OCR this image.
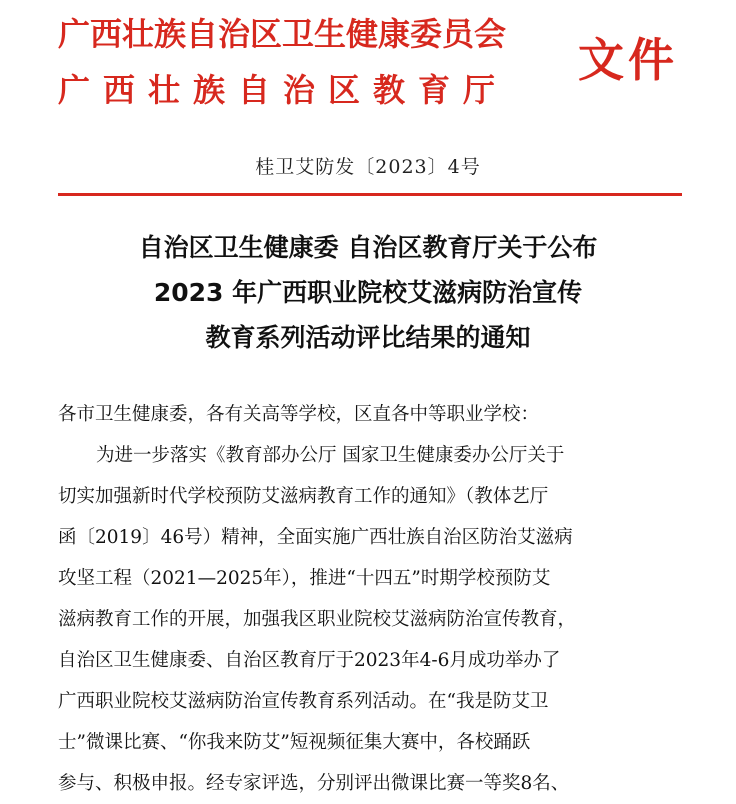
广西壮族自治区卫生健康委员会
广西壮族自治区教育厅
文件
桂卫艾防发〔2023〕4号
自治区卫生健康委 自治区教育厅关于公布
2023 年广西职业院校艾滋病防治宣传
教育系列活动评比结果的通知
各市卫生健康委，各有关高等学校，区直各中等职业学校：
为进一步落实《教育部办公厅 国家卫生健康委办公厅关于
切实加强新时代学校预防艾滋病教育工作的通知》（教体艺厅
函〔2019〕46号）精神，全面实施广西壮族自治区防治艾滋病
攻坚工程（2021—2025年），推进“十四五”时期学校预防艾
滋病教育工作的开展，加强我区职业院校艾滋病防治宣传教育，
自治区卫生健康委、自治区教育厅于2023年4-6月成功举办了
广西职业院校艾滋病防治宣传教育系列活动。在“我是防艾卫
士”微课比赛、“你我来防艾”短视频征集大赛中，各校踊跃
参与、积极申报。经专家评选，分别评出微课比赛一等奖8名、
